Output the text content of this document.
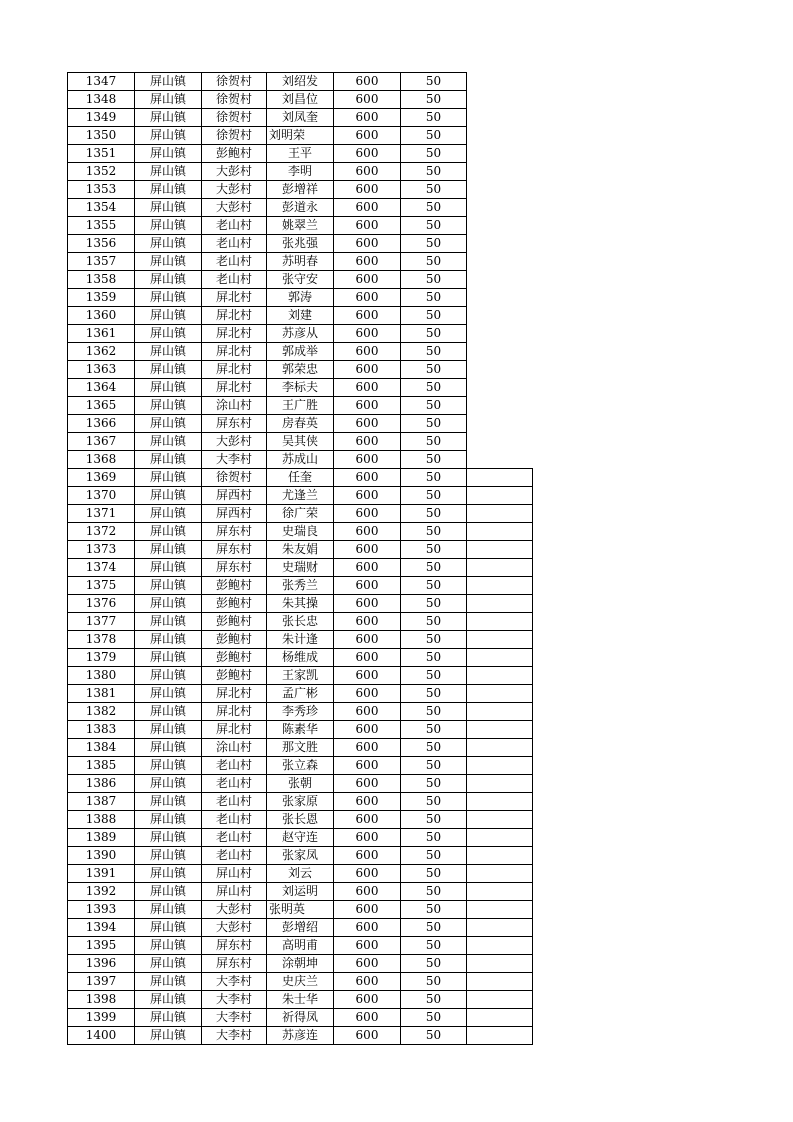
1347	屏山镇	徐贺村	刘绍发	600	50	
1348	屏山镇	徐贺村	刘昌位	600	50	
1349	屏山镇	徐贺村	刘凤奎	600	50	
1350	屏山镇	徐贺村	刘明荣	600	50	
1351	屏山镇	彭鲍村	王平	600	50	
1352	屏山镇	大彭村	李明	600	50	
1353	屏山镇	大彭村	彭增祥	600	50	
1354	屏山镇	大彭村	彭道永	600	50	
1355	屏山镇	老山村	姚翠兰	600	50	
1356	屏山镇	老山村	张兆强	600	50	
1357	屏山镇	老山村	苏明春	600	50	
1358	屏山镇	老山村	张守安	600	50	
1359	屏山镇	屏北村	郭涛	600	50	
1360	屏山镇	屏北村	刘建	600	50	
1361	屏山镇	屏北村	苏彦从	600	50	
1362	屏山镇	屏北村	郭成举	600	50	
1363	屏山镇	屏北村	郭荣忠	600	50	
1364	屏山镇	屏北村	李标夫	600	50	
1365	屏山镇	涂山村	王广胜	600	50	
1366	屏山镇	屏东村	房春英	600	50	
1367	屏山镇	大彭村	吴其侠	600	50	
1368	屏山镇	大李村	苏成山	600	50	
1369	屏山镇	徐贺村	任奎	600	50	
1370	屏山镇	屏西村	尤逢兰	600	50	
1371	屏山镇	屏西村	徐广荣	600	50	
1372	屏山镇	屏东村	史瑞良	600	50	
1373	屏山镇	屏东村	朱友娟	600	50	
1374	屏山镇	屏东村	史瑞财	600	50	
1375	屏山镇	彭鲍村	张秀兰	600	50	
1376	屏山镇	彭鲍村	朱其操	600	50	
1377	屏山镇	彭鲍村	张长忠	600	50	
1378	屏山镇	彭鲍村	朱计逢	600	50	
1379	屏山镇	彭鲍村	杨维成	600	50	
1380	屏山镇	彭鲍村	王家凯	600	50	
1381	屏山镇	屏北村	孟广彬	600	50	
1382	屏山镇	屏北村	李秀珍	600	50	
1383	屏山镇	屏北村	陈素华	600	50	
1384	屏山镇	涂山村	那文胜	600	50	
1385	屏山镇	老山村	张立森	600	50	
1386	屏山镇	老山村	张朝	600	50	
1387	屏山镇	老山村	张家原	600	50	
1388	屏山镇	老山村	张长恩	600	50	
1389	屏山镇	老山村	赵守连	600	50	
1390	屏山镇	老山村	张家凤	600	50	
1391	屏山镇	屏山村	刘云	600	50	
1392	屏山镇	屏山村	刘运明	600	50	
1393	屏山镇	大彭村	张明英	600	50	
1394	屏山镇	大彭村	彭增绍	600	50	
1395	屏山镇	屏东村	高明甫	600	50	
1396	屏山镇	屏东村	涂朝坤	600	50	
1397	屏山镇	大李村	史庆兰	600	50	
1398	屏山镇	大李村	朱士华	600	50	
1399	屏山镇	大李村	祈得凤	600	50	
1400	屏山镇	大李村	苏彦连	600	50	
